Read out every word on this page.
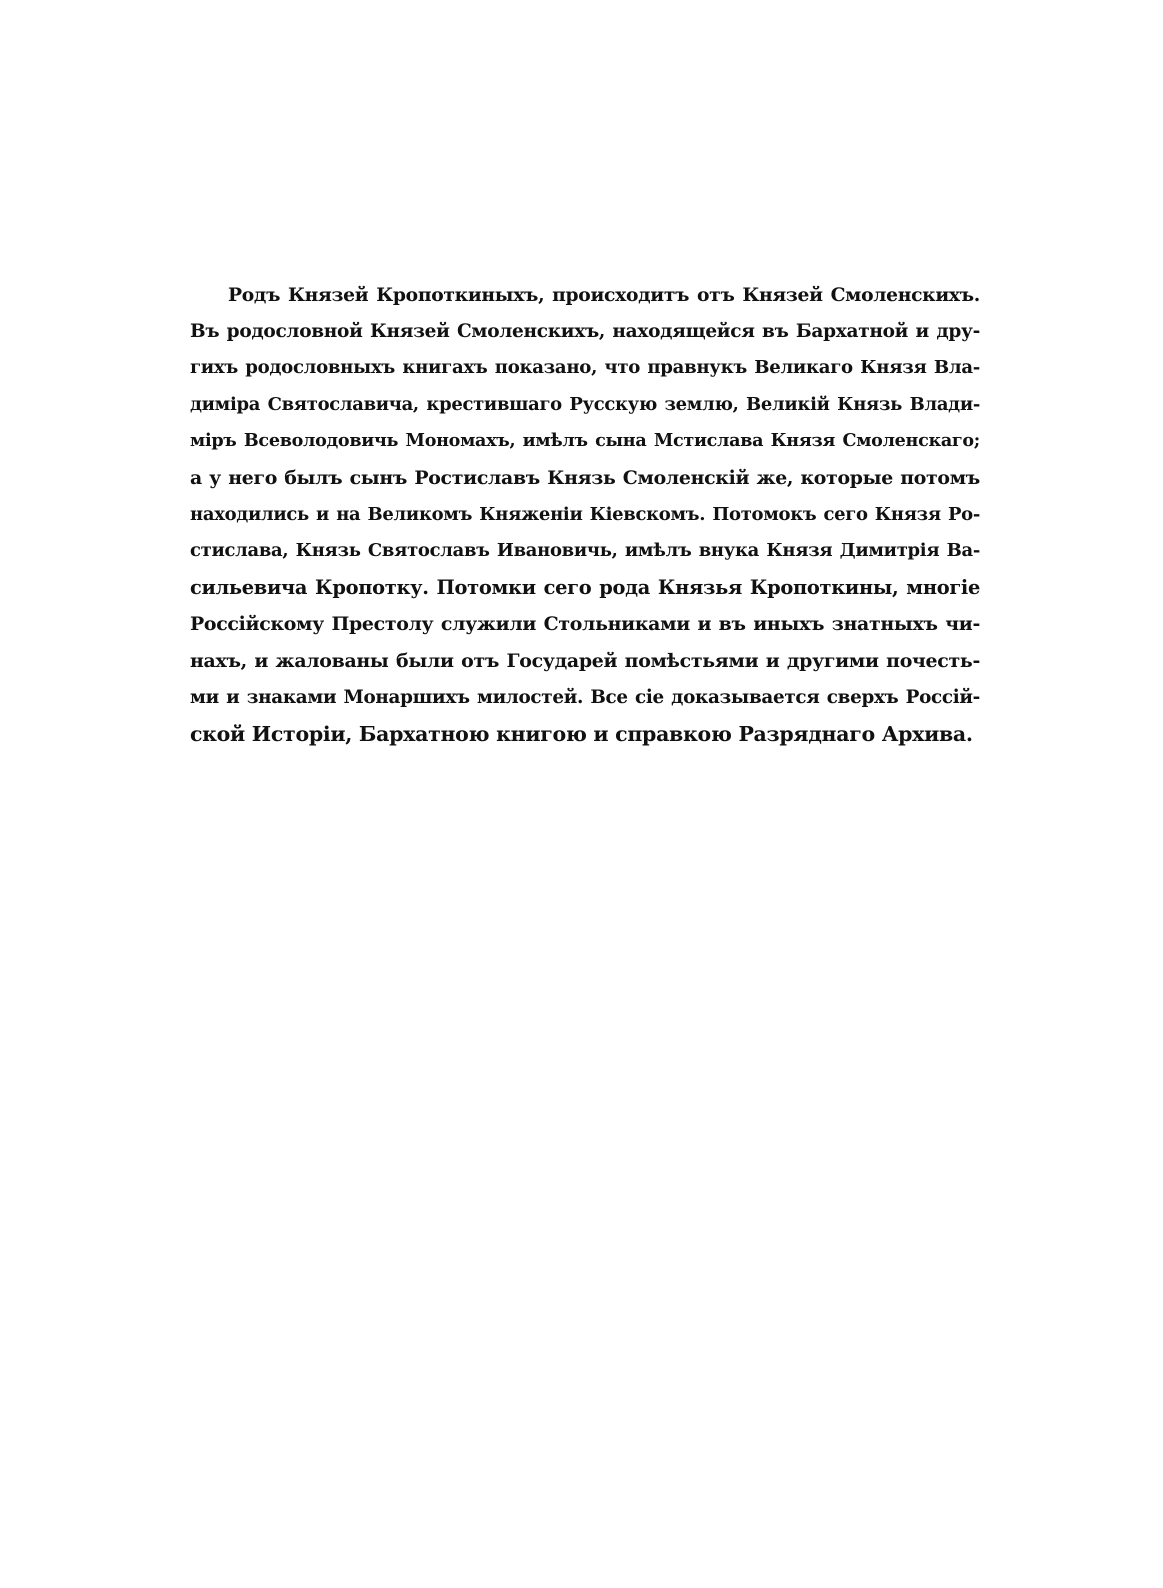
Родъ Князей Кропоткиныхъ, происходитъ отъ Князей Смоленскихъ.
Въ родословной Князей Смоленскихъ, находящейся въ Бархатной и дру-
гихъ родословныхъ книгахъ показано, что правнукъ Великаго Князя Вла-
диміра Святославича, крестившаго Русскую землю, Великій Князь Влади-
міръ Всеволодовичь Мономахъ, имѣлъ сына Мстислава Князя Смоленскаго;
а у него былъ сынъ Ростиславъ Князь Смоленскій же, которые потомъ
находились и на Великомъ Княженіи Кіевскомъ. Потомокъ сего Князя Ро-
стислава, Князь Святославъ Ивановичь, имѣлъ внука Князя Димитрія Ва-
сильевича Кропотку. Потомки сего рода Князья Кропоткины, многіе
Россійскому Престолу служили Стольниками и въ иныхъ знатныхъ чи-
нахъ, и жалованы были отъ Государей помѣстьями и другими почесть-
ми и знаками Монаршихъ милостей. Все сіе доказывается сверхъ Россій-
ской Исторіи, Бархатною книгою и справкою Разряднаго Архива.
